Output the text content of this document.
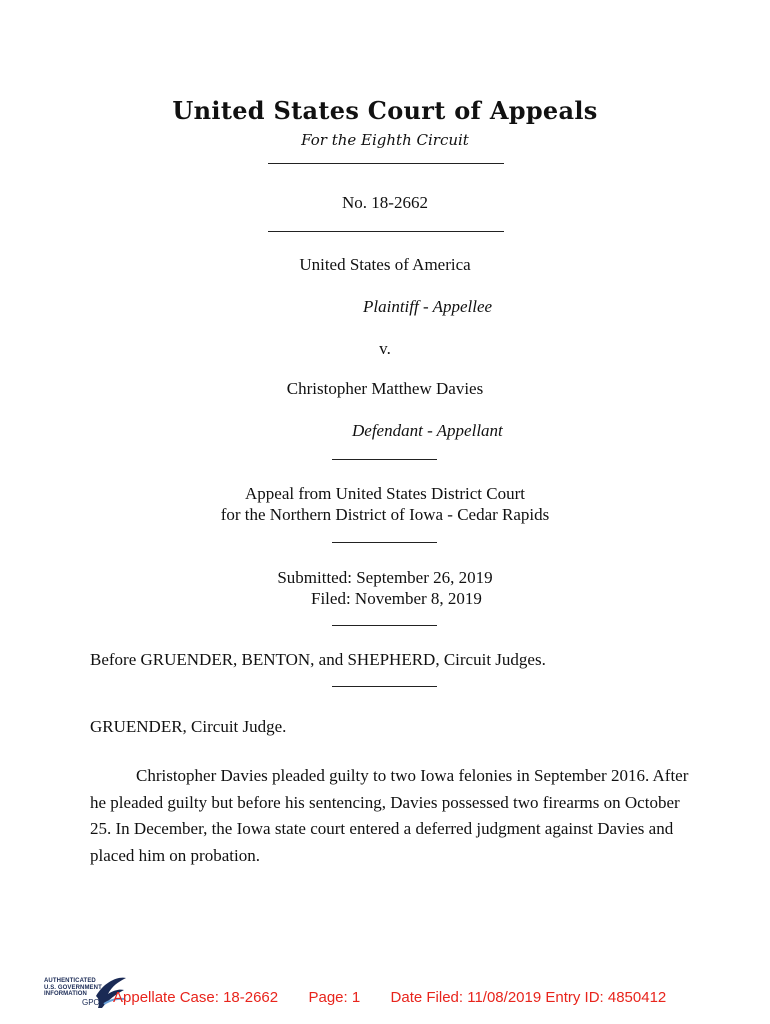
United States Court of Appeals
For the Eighth Circuit
No. 18-2662
United States of America
Plaintiff - Appellee
v.
Christopher Matthew Davies
Defendant - Appellant
Appeal from United States District Court
for the Northern District of Iowa - Cedar Rapids
Submitted: September 26, 2019
Filed: November 8, 2019
Before GRUENDER, BENTON, and SHEPHERD, Circuit Judges.
GRUENDER, Circuit Judge.

Christopher Davies pleaded guilty to two Iowa felonies in September 2016. After he pleaded guilty but before his sentencing, Davies possessed two firearms on October 25. In December, the Iowa state court entered a deferred judgment against Davies and placed him on probation.

AUTHENTICATED
U.S. GOVERNMENT
INFORMATION
GPO Appellate Case: 18-2662 Page: 1 Date Filed: 11/08/2019 Entry ID: 4850412
